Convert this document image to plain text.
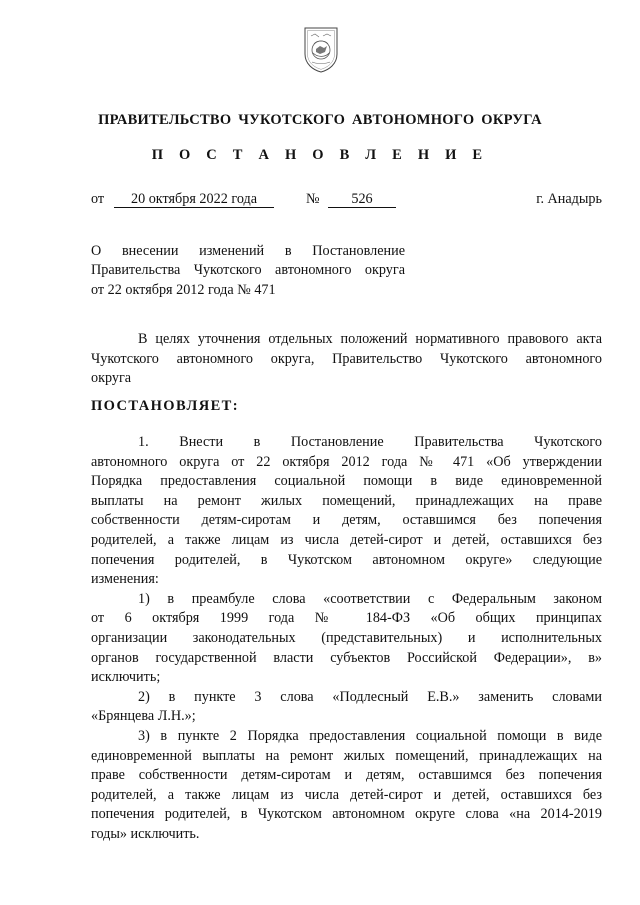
ПРАВИТЕЛЬСТВО ЧУКОТСКОГО АВТОНОМНОГО ОКРУГА
П О С Т А Н О В Л Е Н И Е
от	20 октября 2022 года	№	526	г. Анадырь
О внесении изменений в Постановление
Правительства Чукотского автономного округа
от 22 октября 2012 года № 471
В целях уточнения отдельных положений нормативного правового акта
Чукотского автономного округа, Правительство Чукотского автономного
округа
ПОСТАНОВЛЯЕТ:
1. Внести в Постановление Правительства Чукотского
автономного округа от 22 октября 2012 года № 471 «Об утверждении
Порядка предоставления социальной помощи в виде единовременной
выплаты на ремонт жилых помещений, принадлежащих на праве
собственности детям-сиротам и детям, оставшимся без попечения
родителей, а также лицам из числа детей-сирот и детей, оставшихся без
попечения родителей, в Чукотском автономном округе» следующие
изменения:
1) в преамбуле слова «соответствии с Федеральным законом
от 6 октября 1999 года № 184-ФЗ «Об общих принципах
организации законодательных (представительных) и исполнительных
органов государственной власти субъектов Российской Федерации», в»
исключить;
2) в пункте 3 слова «Подлесный Е.В.» заменить словами
«Брянцева Л.Н.»;
3) в пункте 2 Порядка предоставления социальной помощи в виде
единовременной выплаты на ремонт жилых помещений, принадлежащих на
праве собственности детям-сиротам и детям, оставшимся без попечения
родителей, а также лицам из числа детей-сирот и детей, оставшихся без
попечения родителей, в Чукотском автономном округе слова «на 2014-2019
годы» исключить.
